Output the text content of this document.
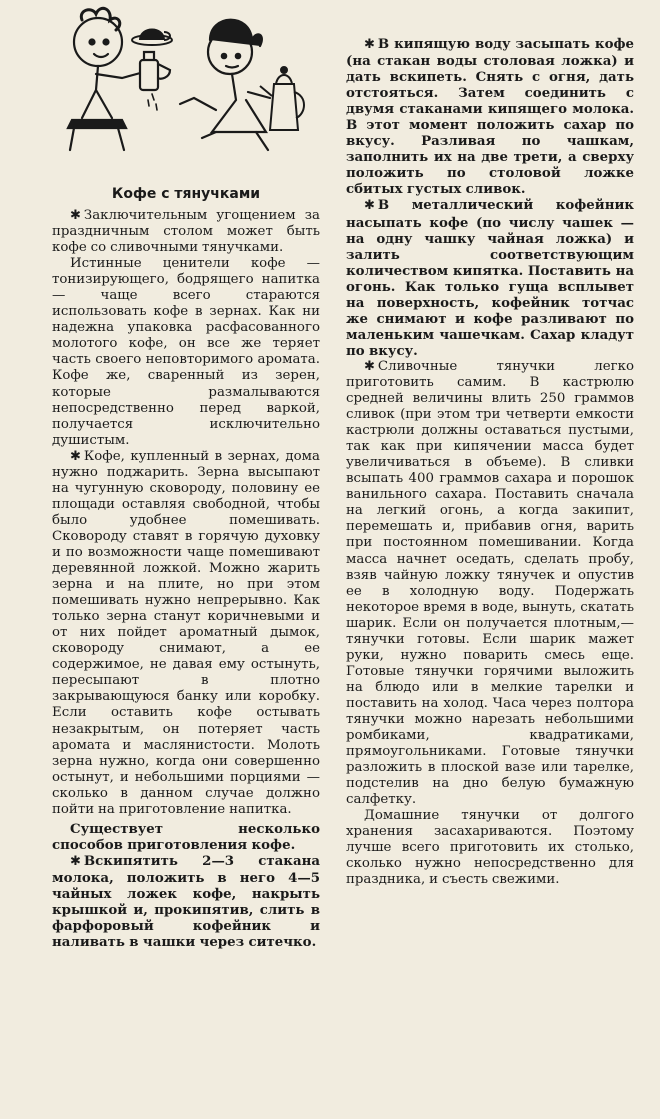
Кофе с тянучками

✱ Заключительным угощением за праздничным столом может быть кофе со сливочными тянучками.

Истинные ценители кофе — тонизирующего, бодрящего напитка — чаще всего стараются использовать кофе в зернах. Как ни надежна упаковка расфасованного молотого кофе, он все же теряет часть своего неповторимого аромата. Кофе же, сваренный из зерен, которые размалываются непосредственно перед варкой, получается исключительно душистым.

✱ Кофе, купленный в зернах, дома нужно поджарить. Зерна высыпают на чугунную сковороду, половину ее площади оставляя свободной, чтобы было удобнее помешивать. Сковороду ставят в горячую духовку и по возможности чаще помешивают деревянной ложкой. Можно жарить зерна и на плите, но при этом помешивать нужно непрерывно. Как только зерна станут коричневыми и от них пойдет ароматный дымок, сковороду снимают, а ее содержимое, не давая ему остынуть, пересыпают в плотно закрывающуюся банку или коробку. Если оставить кофе остывать незакрытым, он потеряет часть аромата и маслянистости. Молоть зерна нужно, когда они совершенно остынут, и небольшими порциями — сколько в данном случае должно пойти на приготовление напитка.

Существует несколько способов приготовления кофе.

✱ Вскипятить 2—3 стакана молока, положить в него 4—5 чайных ложек кофе, накрыть крышкой и, прокипятив, слить в фарфоровый кофейник и наливать в чашки через ситечко.

✱ В кипящую воду засыпать кофе (на стакан воды столовая ложка) и дать вскипеть. Снять с огня, дать отстояться. Затем соединить с двумя стаканами кипящего молока. В этот момент положить сахар по вкусу. Разливая по чашкам, заполнить их на две трети, а сверху положить по столовой ложке сбитых густых сливок.

✱ В металлический кофейник насыпать кофе (по числу чашек — на одну чашку чайная ложка) и залить соответствующим количеством кипятка. Поставить на огонь. Как только гуща всплывет на поверхность, кофейник тотчас же снимают и кофе разливают по маленьким чашечкам. Сахар кладут по вкусу.

✱ Сливочные тянучки легко приготовить самим. В кастрюлю средней величины влить 250 граммов сливок (при этом три четверти емкости кастрюли должны оставаться пустыми, так как при кипячении масса будет увеличиваться в объеме). В сливки всыпать 400 граммов сахара и порошок ванильного сахара. Поставить сначала на легкий огонь, а когда закипит, перемешать и, прибавив огня, варить при постоянном помешивании. Когда масса начнет оседать, сделать пробу, взяв чайную ложку тянучек и опустив ее в холодную воду. Подержать некоторое время в воде, вынуть, скатать шарик. Если он получается плотным,— тянучки готовы. Если шарик мажет руки, нужно поварить смесь еще. Готовые тянучки горячими выложить на блюдо или в мелкие тарелки и поставить на холод. Часа через полтора тянучки можно нарезать небольшими ромбиками, квадратиками, прямоугольниками. Готовые тянучки разложить в плоской вазе или тарелке, подстелив на дно белую бумажную салфетку.

Домашние тянучки от долгого хранения засахариваются. Поэтому лучше всего приготовить их столько, сколько нужно непосредственно для праздника, и съесть свежими.
